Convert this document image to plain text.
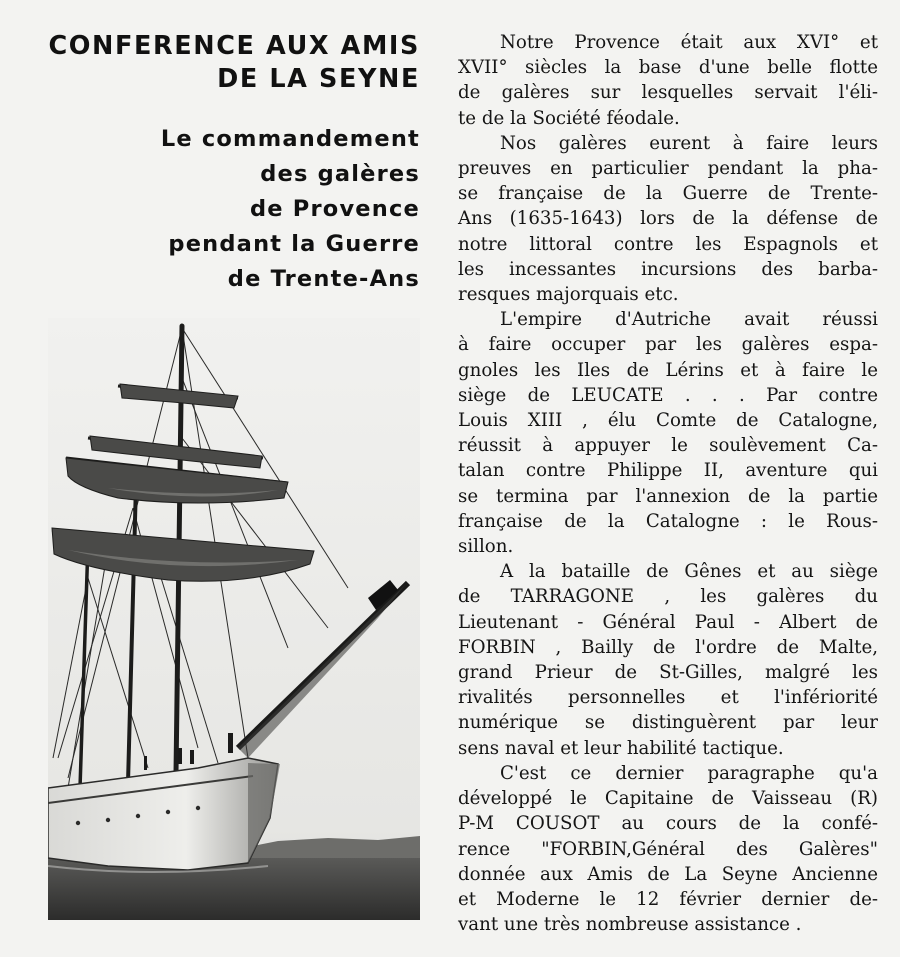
CONFERENCE AUX AMIS
DE LA SEYNE
Le commandement
des galères
de Provence
pendant la Guerre
de Trente-Ans

Notre Provence était aux XVI° et
XVII° siècles la base d'une belle flotte
de galères sur lesquelles servait l'éli-
te de la Société féodale.

Nos galères eurent à faire leurs
preuves en particulier pendant la pha-
se française de la Guerre de Trente-
Ans (1635-1643) lors de la défense de
notre littoral contre les Espagnols et
les incessantes incursions des barba-
resques majorquais etc.

L'empire d'Autriche avait réussi
à faire occuper par les galères espa-
gnoles les Iles de Lérins et à faire le
siège de LEUCATE . . . Par contre
Louis XIII , élu Comte de Catalogne,
réussit à appuyer le soulèvement Ca-
talan contre Philippe II, aventure qui
se termina par l'annexion de la partie
française de la Catalogne : le Rous-
sillon.

A la bataille de Gênes et au siège
de TARRAGONE , les galères du
Lieutenant - Général Paul - Albert de
FORBIN , Bailly de l'ordre de Malte,
grand Prieur de St-Gilles, malgré les
rivalités personnelles et l'infériorité
numérique se distinguèrent par leur
sens naval et leur habilité tactique.

C'est ce dernier paragraphe qu'a
développé le Capitaine de Vaisseau (R)
P-M COUSOT au cours de la confé-
rence "FORBIN,Général des Galères"
donnée aux Amis de La Seyne Ancienne
et Moderne le 12 février dernier de-
vant une très nombreuse assistance .
